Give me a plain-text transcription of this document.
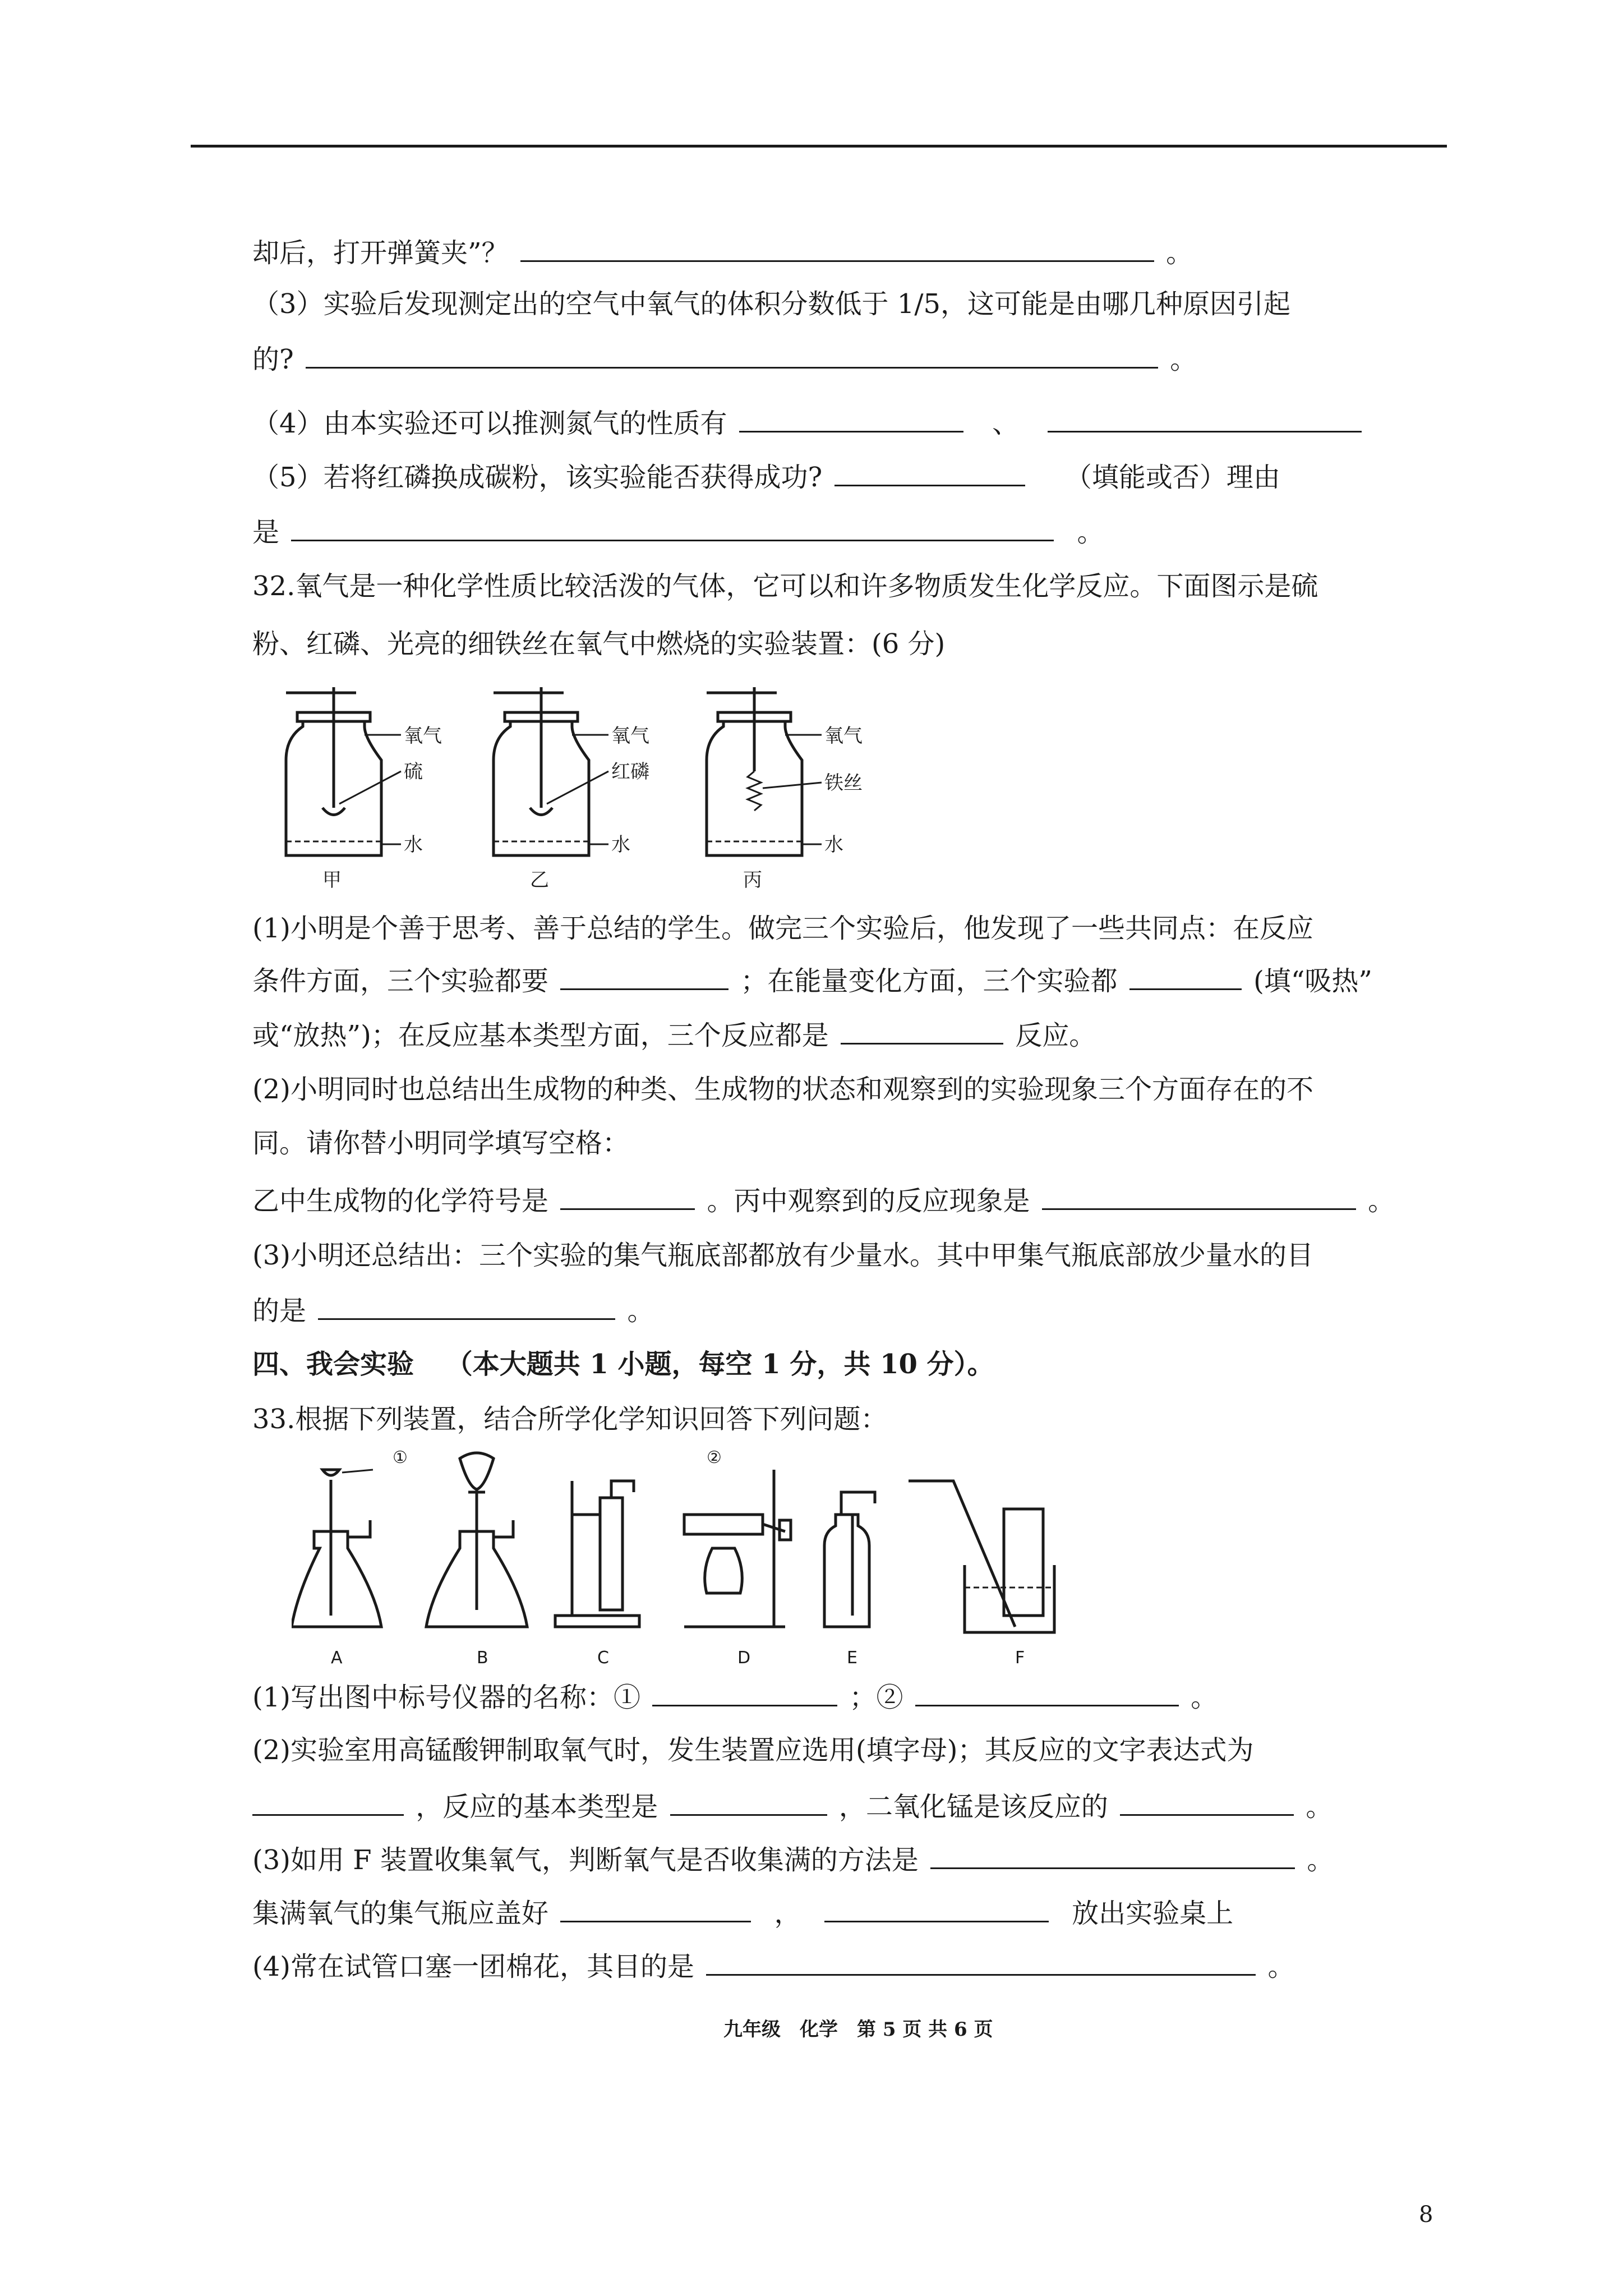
却后，打开弹簧夹”？	。
（3）实验后发现测定出的空气中氧气的体积分数低于 1/5，这可能是由哪几种原因引起
的?	。
（4）由本实验还可以推测氮气的性质有	、
（5）若将红磷换成碳粉，该实验能否获得成功?	（填能或否）理由
是	。
32.氧气是一种化学性质比较活泼的气体，它可以和许多物质发生化学反应。下面图示是硫
粉、红磷、光亮的细铁丝在氧气中燃烧的实验装置：(6 分)
氧气
硫
水
甲
氧气
红磷
水
乙
氧气
铁丝
水
丙
(1)小明是个善于思考、善于总结的学生。做完三个实验后，他发现了一些共同点：在反应
条件方面，三个实验都要	；在能量变化方面，三个实验都	(填“吸热”
或“放热”)；在反应基本类型方面，三个反应都是	反应。
(2)小明同时也总结出生成物的种类、生成物的状态和观察到的实验现象三个方面存在的不
同。请你替小明同学填写空格：
乙中生成物的化学符号是	。丙中观察到的反应现象是	。
(3)小明还总结出：三个实验的集气瓶底部都放有少量水。其中甲集气瓶底部放少量水的目
的是	。
四、我会实验 （本大题共 1 小题，每空 1 分，共 10 分）。
33.根据下列装置，结合所学化学知识回答下列问题：
①	②
A	B	C	D	E	F
(1)写出图中标号仪器的名称：①	；②	。
(2)实验室用高锰酸钾制取氧气时，发生装置应选用(填字母)；其反应的文字表达式为
，反应的基本类型是	，二氧化锰是该反应的	。
(3)如用 F 装置收集氧气，判断氧气是否收集满的方法是	。
集满氧气的集气瓶应盖好	，	放出实验桌上
(4)常在试管口塞一团棉花，其目的是	。
九年级　化学　第 5 页 共 6 页
8
